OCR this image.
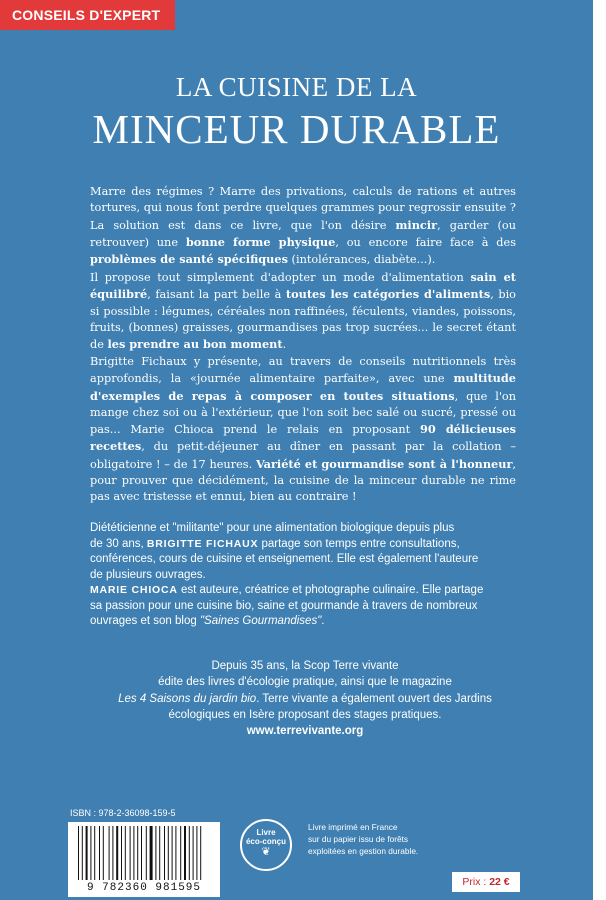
CONSEILS D'EXPERT
LA CUISINE DE LA
MINCEUR DURABLE

Marre des régimes ? Marre des privations, calculs de rations et autres tortures, qui nous font perdre quelques grammes pour regrossir ensuite ? La solution est dans ce livre, que l'on désire mincir, garder (ou retrouver) une bonne forme physique, ou encore faire face à des problèmes de santé spécifiques (intolérances, diabète...).

Il propose tout simplement d'adopter un mode d'alimentation sain et équilibré, faisant la part belle à toutes les catégories d'aliments, bio si possible : légumes, céréales non raffinées, féculents, viandes, poissons, fruits, (bonnes) graisses, gourmandises pas trop sucrées... le secret étant de les prendre au bon moment.

Brigitte Fichaux y présente, au travers de conseils nutritionnels très approfondis, la «journée alimentaire parfaite», avec une multitude d'exemples de repas à composer en toutes situations, que l'on mange chez soi ou à l'extérieur, que l'on soit bec salé ou sucré, pressé ou pas... Marie Chioca prend le relais en proposant 90 délicieuses recettes, du petit-déjeuner au dîner en passant par la collation – obligatoire ! – de 17 heures. Variété et gourmandise sont à l'honneur, pour prouver que décidément, la cuisine de la minceur durable ne rime pas avec tristesse et ennui, bien au contraire !

Diététicienne et "militante" pour une alimentation biologique depuis plus
de 30 ans, BRIGITTE FICHAUX partage son temps entre consultations,
conférences, cours de cuisine et enseignement. Elle est également l'auteure
de plusieurs ouvrages.
MARIE CHIOCA est auteure, créatrice et photographe culinaire. Elle partage
sa passion pour une cuisine bio, saine et gourmande à travers de nombreux
ouvrages et son blog "Saines Gourmandises".
Depuis 35 ans, la Scop Terre vivante
édite des livres d'écologie pratique, ainsi que le magazine
Les 4 Saisons du jardin bio. Terre vivante a également ouvert des Jardins
écologiques en Isère proposant des stages pratiques.
www.terrevivante.org
ISBN : 978-2-36098-159-5
9 782360 981595
Livre
éco-conçu
❦
Livre imprimé en France
sur du papier issu de forêts
exploitées en gestion durable.
Prix : 22 €
